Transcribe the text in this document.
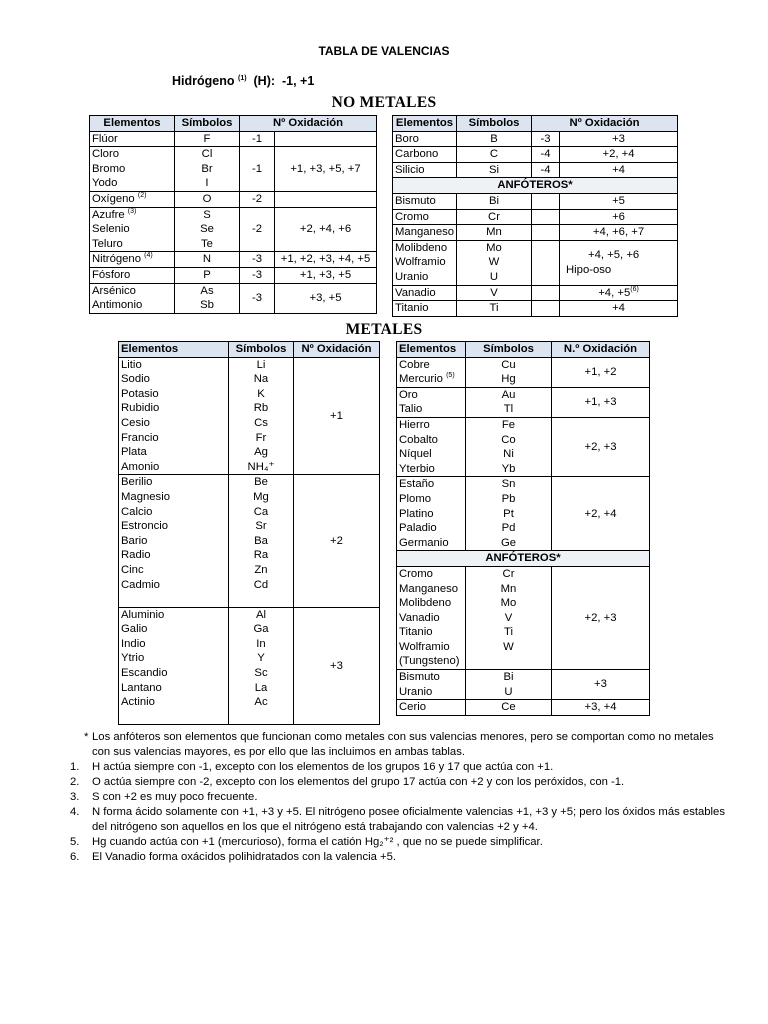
TABLA DE VALENCIAS
Hidrógeno $^{(1)}$ (H): -1, +1
NO METALES
Elementos	Símbolos	Nº Oxidación	
Flúor	F	-1	
Cloro	Cl	-1	+1, +3, +5, +7
Bromo	Br		
Yodo	I		
Oxígeno $^{(2)}$	O	-2	
Azufre $^{(3)}$	S	-2	+2, +4, +6
Selenio	Se		
Teluro	Te		
Nitrógeno $^{(4)}$	N	-3	+1, +2, +3, +4, +5
Fósforo	P	-3	+1, +3, +5
Arsénico	As	-3	+3, +5
Antimonio	Sb		
Elementos	Símbolos	Nº Oxidación	
Boro	B	-3	+3
Carbono	C	-4	+2, +4
Silicio	Si	-4	+4
ANFÓTEROS*			
Bismuto	Bi		+5
Cromo	Cr		+6
Manganeso	Mn		+4, +6, +7
Molibdeno	Mo		+4, +5, +6
Hipo-oso

Wolframio	W		
Uranio	U		
Vanadio	V		+4, $+5^{(6)}$
Titanio	Ti		+4
METALES
Elementos	Símbolos	Nº Oxidación
Litio	Li	+1
Sodio	Na	
Potasio	K	
Rubidio	Rb	
Cesio	Cs	
Francio	Fr	
Plata	Ag	
Amonio	NH₄⁺	
Berilio	Be	+2
Magnesio	Mg	
Calcio	Ca	
Estroncio	Sr	
Bario	Ba	
Radio	Ra	
Cinc	Zn	
Cadmio	Cd	

Aluminio	Al	+3
Galio	Ga	
Indio	In	
Ytrio	Y	
Escandio	Sc	
Lantano	La	
Actinio	Ac	

Elementos	Símbolos	N.º Oxidación
Cobre	Cu	+1, +2
Mercurio $^{(5)}$	Hg	
Oro	Au	+1, +3
Talio	Tl	
Hierro	Fe	+2, +3
Cobalto	Co	
Níquel	Ni	
Yterbio	Yb	
Estaño	Sn	+2, +4
Plomo	Pb	
Platino	Pt	
Paladio	Pd	
Germanio	Ge	
ANFÓTEROS*		
Cromo	Cr	+2, +3
Manganeso	Mn	
Molibdeno	Mo	
Vanadio	V	
Titanio	Ti	
Wolframio	W	
(Tungsteno)		
Bismuto	Bi	+3
Uranio	U	
Cerio	Ce	+3, +4
* Los anfóteros son elementos que funcionan como metales con sus valencias menores, pero se comportan como no metales con sus valencias mayores, es por ello que las incluimos en ambas tablas.
1. H actúa siempre con -1, excepto con los elementos de los grupos 16 y 17 que actúa con +1.
2. O actúa siempre con -2, excepto con los elementos del grupo 17 actúa con +2 y con los peróxidos, con -1.
3. S con +2 es muy poco frecuente.
4. N forma ácido solamente con +1, +3 y +5. El nitrógeno posee oficialmente valencias +1, +3 y +5; pero los óxidos más estables del nitrógeno son aquellos en los que el nitrógeno está trabajando con valencias +2 y +4.
5. Hg cuando actúa con +1 (mercurioso), forma el catión Hg₂⁺² , que no se puede simplificar.
6. El Vanadio forma oxácidos polihidratados con la valencia +5.
